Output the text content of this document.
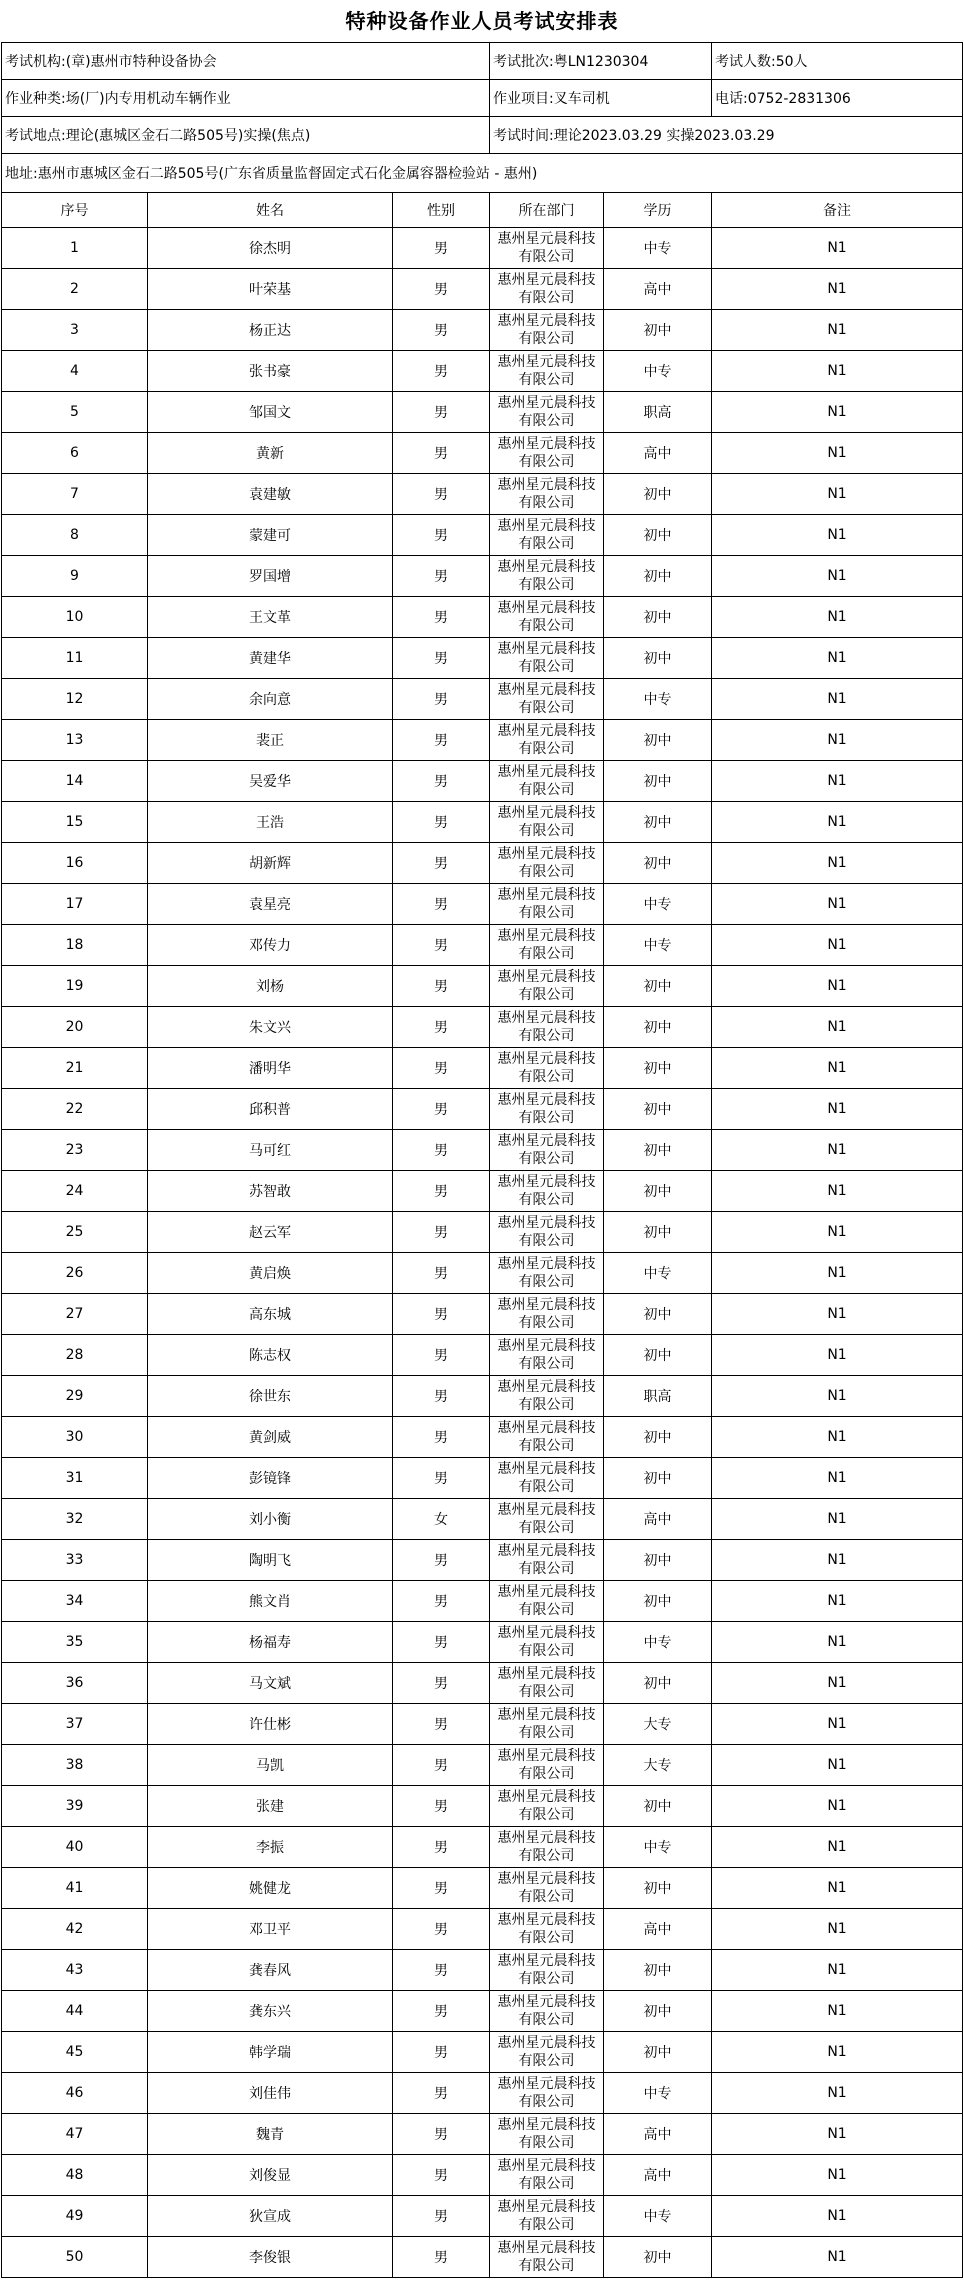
特种设备作业人员考试安排表
考试机构:(章)惠州市特种设备协会			考试批次:粤LN1230304		考试人数:50人
作业种类:场(厂)内专用机动车辆作业			作业项目:叉车司机		电话:0752-2831306
考试地点:理论(惠城区金石二路505号)实操(焦点)			考试时间:理论2023.03.29 实操2023.03.29		
地址:惠州市惠城区金石二路505号(广东省质量监督固定式石化金属容器检验站 - 惠州)					
序号	姓名	性别	所在部门	学历	备注
1	徐杰明	男	惠州星元晨科技有限公司	中专	N1
2	叶荣基	男	惠州星元晨科技有限公司	高中	N1
3	杨正达	男	惠州星元晨科技有限公司	初中	N1
4	张书豪	男	惠州星元晨科技有限公司	中专	N1
5	邹国文	男	惠州星元晨科技有限公司	职高	N1
6	黄新	男	惠州星元晨科技有限公司	高中	N1
7	袁建敏	男	惠州星元晨科技有限公司	初中	N1
8	蒙建可	男	惠州星元晨科技有限公司	初中	N1
9	罗国增	男	惠州星元晨科技有限公司	初中	N1
10	王文革	男	惠州星元晨科技有限公司	初中	N1
11	黄建华	男	惠州星元晨科技有限公司	初中	N1
12	余向意	男	惠州星元晨科技有限公司	中专	N1
13	裴正	男	惠州星元晨科技有限公司	初中	N1
14	吴爱华	男	惠州星元晨科技有限公司	初中	N1
15	王浩	男	惠州星元晨科技有限公司	初中	N1
16	胡新辉	男	惠州星元晨科技有限公司	初中	N1
17	袁星亮	男	惠州星元晨科技有限公司	中专	N1
18	邓传力	男	惠州星元晨科技有限公司	中专	N1
19	刘杨	男	惠州星元晨科技有限公司	初中	N1
20	朱文兴	男	惠州星元晨科技有限公司	初中	N1
21	潘明华	男	惠州星元晨科技有限公司	初中	N1
22	邱积普	男	惠州星元晨科技有限公司	初中	N1
23	马可红	男	惠州星元晨科技有限公司	初中	N1
24	苏智敢	男	惠州星元晨科技有限公司	初中	N1
25	赵云军	男	惠州星元晨科技有限公司	初中	N1
26	黄启焕	男	惠州星元晨科技有限公司	中专	N1
27	高东城	男	惠州星元晨科技有限公司	初中	N1
28	陈志权	男	惠州星元晨科技有限公司	初中	N1
29	徐世东	男	惠州星元晨科技有限公司	职高	N1
30	黄剑威	男	惠州星元晨科技有限公司	初中	N1
31	彭镜锋	男	惠州星元晨科技有限公司	初中	N1
32	刘小衡	女	惠州星元晨科技有限公司	高中	N1
33	陶明飞	男	惠州星元晨科技有限公司	初中	N1
34	熊文肖	男	惠州星元晨科技有限公司	初中	N1
35	杨福寿	男	惠州星元晨科技有限公司	中专	N1
36	马文斌	男	惠州星元晨科技有限公司	初中	N1
37	许仕彬	男	惠州星元晨科技有限公司	大专	N1
38	马凯	男	惠州星元晨科技有限公司	大专	N1
39	张建	男	惠州星元晨科技有限公司	初中	N1
40	李振	男	惠州星元晨科技有限公司	中专	N1
41	姚健龙	男	惠州星元晨科技有限公司	初中	N1
42	邓卫平	男	惠州星元晨科技有限公司	高中	N1
43	龚春风	男	惠州星元晨科技有限公司	初中	N1
44	龚东兴	男	惠州星元晨科技有限公司	初中	N1
45	韩学瑞	男	惠州星元晨科技有限公司	初中	N1
46	刘佳伟	男	惠州星元晨科技有限公司	中专	N1
47	魏青	男	惠州星元晨科技有限公司	高中	N1
48	刘俊显	男	惠州星元晨科技有限公司	高中	N1
49	狄宣成	男	惠州星元晨科技有限公司	中专	N1
50	李俊银	男	惠州星元晨科技有限公司	初中	N1
